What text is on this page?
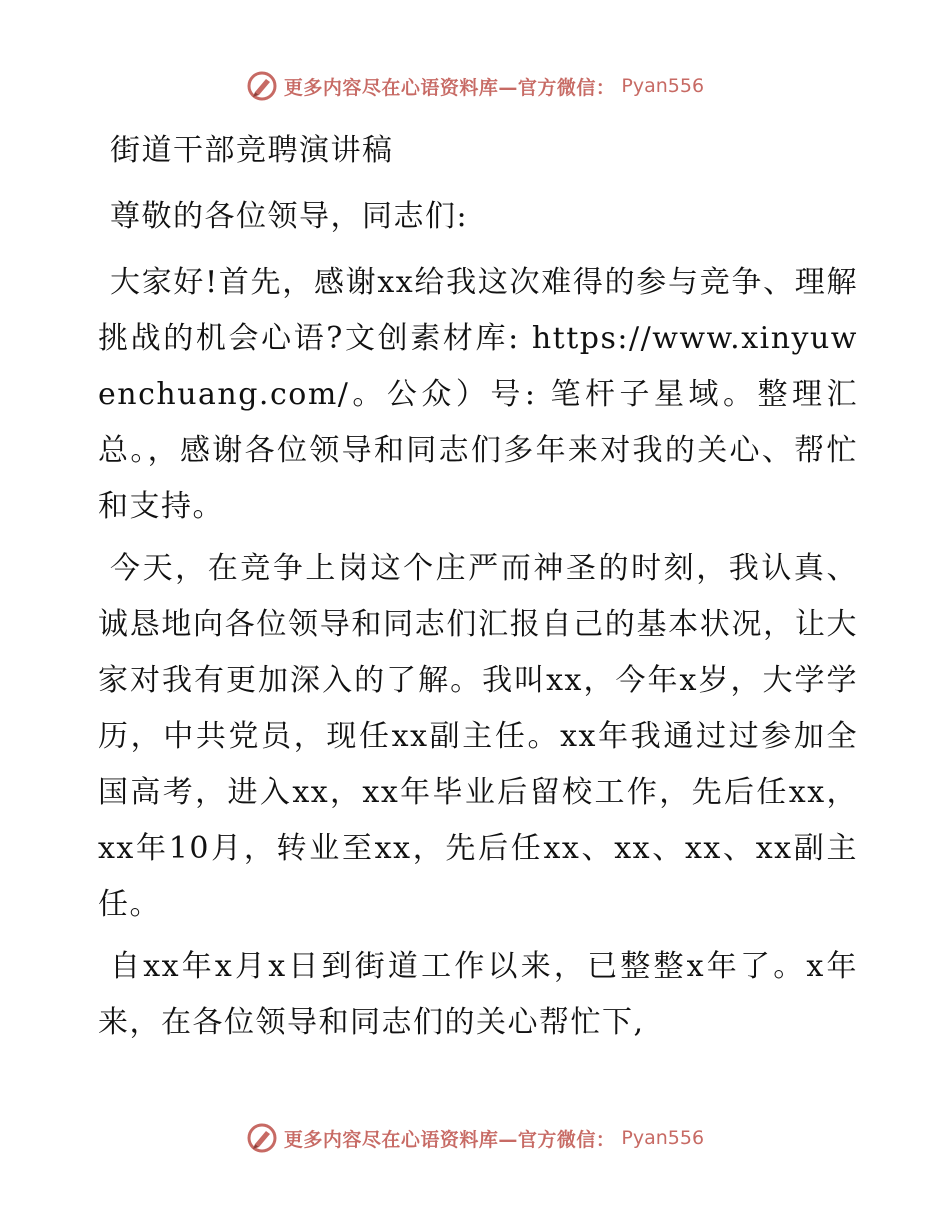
更多内容尽在心语资料库—官方微信： Pyan556

街道干部竞聘演讲稿

尊敬的各位领导，同志们:

大家好!首先，感谢xx给我这次难得的参与竞争、理解挑战的机会心语?文创素材库: https://www.xinyuwenchuang.com/。公众）号: 笔杆子星域。整理汇总。，感谢各位领导和同志们多年来对我的关心、帮忙和支持。

今天，在竞争上岗这个庄严而神圣的时刻，我认真、诚恳地向各位领导和同志们汇报自己的基本状况，让大家对我有更加深入的了解。我叫xx，今年x岁，大学学历，中共党员，现任xx副主任。xx年我通过过参加全国高考，进入xx，xx年毕业后留校工作，先后任xx， xx年10月，转业至xx，先后任xx、xx、xx、xx副主任。

自xx年x月x日到街道工作以来，已整整x年了。x年来，在各位领导和同志们的关心帮忙下,

更多内容尽在心语资料库—官方微信： Pyan556
